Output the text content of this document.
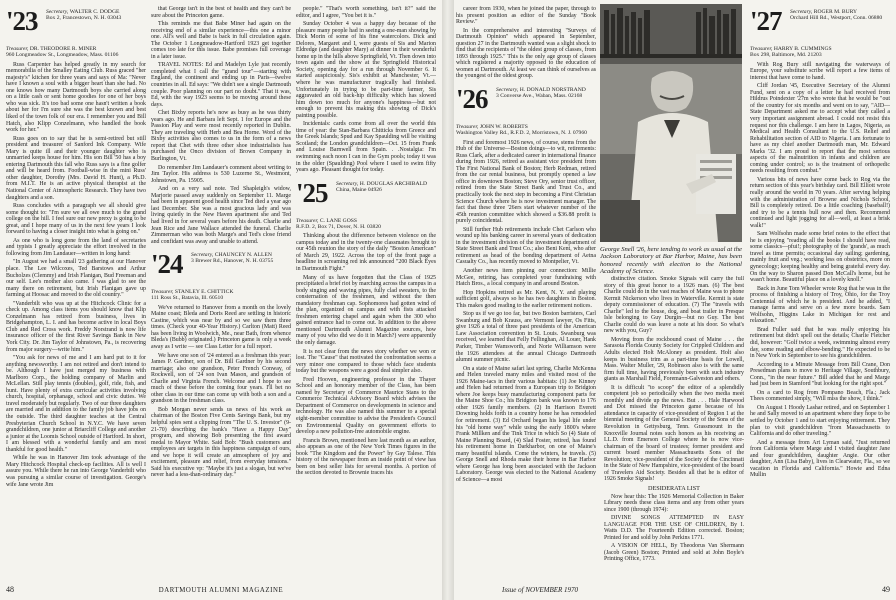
'23 Secretary, WALTER C. DODGE
Box 2, Francestown, N. H. 03043
Treasurer, DR. THEODORE R. MINER
960 Longmeadow St., Longmeadow, Mass. 01106

Russ Carpenter has helped greatly in my search for memorabilia of the Smalley Eating Club. Russ graced "her majesty's" kitchen for three years and says of Ma: "Never have I known a soul with a bigger heart than she had. No one knows how many Dartmouth boys she carried along on a little cash or sent home goodies for one of her boys who was sick. It's too bad some one hasn't written a book about her for I'm sure she was the best known and best liked of the town folk of our era. I remember you and Bill Hatch, also Klipp Conzelmann, who handled the book work for her."

Russ goes on to say that he is semi-retired but still president and treasurer of Sanford Ink Company. Wife Mary is quite ill and their younger daughter who is unmarried keeps house for him. His son Bill '50 has a boy entering Dartmouth this fall who Russ says is a fine golfer and will be heard from. Football-wise in the mini Russ' other daughter, Dorothy (Mrs. David H. Hunt), a Ph.D. from M.I.T. He is an active physical therapist at the National Center of Atmospheric Research. They have two daughters and a son.

Russ concludes with a paragraph we all should give some thought to: "I'm sure we all owe much to the grand college on the hill. I feel sure our new prexy is going to be great, and I hope many of us in the next few years I look forward to having a closer insight into what is going on."

As one who is long gone from the land of secretaries and typists I greatly appreciate the effort involved in the following from Jim Landauer—written in long hand:

"In August we had a small '23 gathering at our Hanover place. The Lee Wilcoxes, Ted Barstows and Arthur Bucholzes (Clemmy) and Irish Flanigan, Bud Freeman and our self. Lee's mother also came. I was glad to see the many there on retirement, but Irish Flanigan gave up farming at Hoosac and moved to the old country."

"Vanderbilt who was up at the Hitchcock Clinic for a check up. Among class items you should know that Klip Conzelmann has retired from business, lives in Bridgehampton, L. I. and has become active in local Boys Club and Red Cross work. Freddy Norstrand is now life insurance officer of the first River Savings Bank in New York City. Dr. Jim Taylor of Johnstown, Pa., is recovering from major surgery—write him."

"You ask for news of me and I am hard put to it for anything newsworthy. I am not retired and don't intend to be. Although I have just merged my business with Marlboro Corp., the holding company of Marlin and McLellan. Still play tennis (doubles), golf, ride, fish, and hunt. Have plenty of extra curricular activities involving church, hospital, orphanage, school and civic duties. We travel moderately but regularly. Two of our three daughters are married and in addition to the family job have jobs on the outside. The third daughter teaches at the Central Presbyterian Church School in N.Y.C. We have seven grandchildren, one junior at Briarcliff College and another a junior at the Loomis School outside of Hartford. In short, I am blessed with a wonderful family and am most thankful for good health."

While he was in Hanover Jim took advantage of the Mary Hitchcock Hospital check-up facilities. All is well I assure you. While there he ran into George Vanderbilt who was pursuing a similar course of investigation. George's wife Jane wrote Jim

that George isn't in the best of health and they can't be sure about the Princeton game.

This reminds me that Babe Miner had again on the receiving end of a similar experience—this one a minor one. All's well and Babe is back in full circulation again. The October 1 Longmeadow-Hartford 1923 get together comes too late for this issue. Babe promises full coverage in a later issue.

TRAVEL NOTES: Ed and Madelyn Lyle just recently completed what I call the "grand tour"—starting with England, the continent and ending up in Paris—twelve countries in all. Ed says: "We didn't see a single Dartmouth couple. Poor planning on our part no doubt." That it was, Ed, with the way 1923 seems to be moving around these days.

Chet Bixby reports he's now as busy as he was thirty years ago. He and Barbara left Sept. 1 for Europe and the Passion Play and were most recently reported in Dublin. They are traveling with Herb and Bea Horne. Word of the Bixby activities also comes to us in the form of a news report that Chet with three other shoe industrialists has purchased the Onco division of Brown Company in Burlington, Vt.

Do remember Jim Landauer's comment about writing to Jim Taylor. His address is 530 Luzerne St., Westmont, Johnstown, Pa. 15905.

And on a very sad note. Ted Shapleigh's widow, Marjorie passed away suddenly on September 11. Marge had been in apparent good health since Ted died a year ago last December. She was a most gracious lady and was living quietly in the New Haven apartment she and Ted had lived in for several years before his death. Charlie and Jean Rice and Jane Wallace attended the funeral. Charlie Zimmerman who was both Marge's and Ted's close friend and confidant was away and unable to attend.

'24 Secretary, CHAUNCEY N. ALLEN
3 Brewer Rd., Hanover, N. H. 03755
Treasurer, STANLEY E. CHITTICK
111 Ross St., Batavia, Ill. 60510

We've returned to Hanover from a month on the lovely Maine coast; Bleda and Doris Reed are settling in historic Castine, which was near by and so we saw them three times. (Check your 40-Year History.) Carlton (Matt) Reed has been living in Woolwich, Me., near Bath, from whence Bleda's (Bubb) originated.) Princeton game is only a week away as I write — see Class Letter for a full report.

We have one son of '24 entered as a freshman this year: James P. Gardner, son of Dr. Bill Gardner by his second marriage; also one grandson, Peter French Conway, of Rockwell, son of '24 son Ivan Mason, and grandson of Charlie and Virginia French. Welcome and I hope to see much of these before the coming four years. I'll bet no other class in our time can come up with both a son and a grandson in the freshman class.

Bob Morgan never sends us news of his work as chairman of the Boston Five Cents Savings Bank, but my helpful spies sent a clipping from "The U. S. Investor" (9-21-70) describing the bank's "Have a Happy Day" program, and showing Bob presenting the first award medal to Mayor White. Said Bob: "Bush customers and employees are targets in this happiness campaign of ours, and we hope it will create an atmosphere of joy and excitement, pleasure and relief, from everyday tensions." Said his executive vp: "Maybe it's just a slogan, but we've never had a less-than-ordinary day."

people." "That's worth something, isn't it?" said the editor, and I agree, "You bet it is."

Sunday October 4 was a happy day because of the pleasure many people had in seeing a one-man showing by Dick Morin of some of his fine watercolors. Dick and Delores, Margaret and I, were guests of Sis and Marion Eldredge (and daughter Mary) at dinner in their wonderful home up in the hills above Springfield, Vt. Then down into town again and the show at the Springfield Historical Society, opening day for a run through November 6. It started auspiciously. Sis's exhibit at Manchester, Vt.—where he was manufacturer tragically had finished. Unfortunately in trying to be part-time farmer, Sis aggravated an old back-hip difficulty which has slowed him down too much for anyone's happiness—but not enough to prevent his making this showing of Dick's painting possible.

Incidentals: cards come from all over the world this time of year: the Stan-Barbara Chitticks from Greece and the Greek Islands; Spud and Kay Spaulding will be visiting Scotland; the London grandchildren—Oct. 15 from Frank and Louise Barnwell from Spain. . .Nostalgia: I'm swimming each noon I can in the Gym pools; today it was in the older (Spaulding) Pool where I used to swim fifty years ago. Pleasant thought for today.

'25 Secretary, H. DOUGLAS ARCHIBALD
China, Maine 04926
Treasurer, C. LANE GOSS
R.F.D. 2, Box 71, Dover, N. H. 03820

Thinking about the difference between violence on the campus today and in the twenty-one classmates brought to our 45th reunion the story of the daily "Boston American" of March 29, 1922. Across the top of the front page a headline in screaming red ink announced "200 Black Eyes in Dartmouth Fight."

Many of us have forgotten that the Class of 1925 precipitated a brief riot by marching across the campus in a body singing and waving pipes, fully clad sweaters, to the consternation of the freshmen, and without the then mandatory freshman cap. Sophomores had gotten wind of the plan, organized on campus and with fists attacked freshmen entering chapel and again when the 300 who gained entrance had to come out. In addition to the above mentioned Dartmouth Alumni Magazine sources, how many of you who did we do it in March?) were apparently the only damage.

It is not clear from the news story whether we won or lost. The "Cause" that motivated the confrontation seems a very minor one compared to those which face students today but the weapons were a good deal simpler also.

Fred Hooven, engineering professor in the Thayer School and an honorary member of the Class, has been named by Secretary of Commerce Maurice Stans to the Commerce Technical Advisory Board which advises the Department of Commerce on developments in science and technology. He was also named this summer to a special eight-member committee to advise the President's Council on Environmental Quality on government efforts to develop a new pollution-free automobile engine.

Francis Brown, mentioned here last month as an author, also appears as one of the New York Times figures in the book "The Kingdom and the Power" by Gay Talese. This history of the newspaper from an inside point of view has been on best seller lists for several months. A portion of the section devoted to Brownie traces his

48	DARTMOUTH ALUMNI MAGAZINE

career from 1930, when he joined the paper, through to his present position as editor of the Sunday "Book Review."

In the comprehensive and interesting "Surveys of Dartmouth Opinion" which appeared in September, question 27 in the Dartmouth wanted was a slight shock to find that the recipients of "the oldest group of classes, from 1893 through 1925." This is the only age group of classes which registered a majority opposed to the education of women at Dartmouth. At least we can think of ourselves as the youngest of the oldest group.

'26 Secretary, H. DONALD NORSTRAND
3 Converse Ave., Waban, Mass. 02168
Treasurer, JOHN W. ROBERTS
Washington Valley Rd., R.F.D. 2, Morristown, N. J. 07960

First and foremost 1926 news, of course, stems from the Hub of the Universe—Boston doings—to wit, retirements: Russ Clark, after a dedicated career in international finance during from 1926, retired as assistant vice president from The First National Bank of Boston; Herb Redman, retired from the car rental business, but promptly opened a law office in downtown Boston; Steve Ory, senior trust officer, retired from the State Street Bank and Trust Co., and practically took the next step in becoming a First Christian Science Church where he is now investment manager. The fact that these three '26ers start whatever number of the 45th reunion committee which showed a $36.88 profit is purely coincidental.

Still further Hub retirements include Chet Carlson who wound up his banking career in several years of dedication in the investment division of the investment department of State Street Bank and Trust Co.; also Beni Kent, who after retirement as head of the bonding department of Aetna Casualty Co., has recently moved to Montpelier, Vt.

Another news item pinning our connection: Millie McGee, retiring, has completed your fundraising with Hatch Bros., a local company in and around Boston.

Hop Hopkins retired as Mr. Kent, N. Y. and playing sufficient golf, always so he has two daughters in Boston. This makes good reading to the earlier retirement notices.

Stop us if we go too far, but two Boston barristers, Carl Swanburg and Bob Krauss, are Vermont lawyer, Os Fitts, give 1926 a total of three past presidents of the American Law Association convention in St. Louis. Swanburg was received, we learned that Felly Fellinghan, Al Louer, Hank Parker, Timber Wamsworth, and Norie Williamson were the 1926 attendees at the annual Chicago Dartmouth alumni summer picnic.

On a state of Maine safari last spring, Charlie McKenna and Helen traveled many miles and visited most of the 1926 Maine-iacs in their various habitats: (1) Joe Kinney and Helen had returned from a European trip to Bridgton where Joe keeps busy manufacturing component parts for the Maine Shoe Co.; his Bridgton bank was known to 176 other 1926 family members. (2) In Harrison Everett Downing holds forth in a country home he has remodeled for retirement. (3) Ed Orchard began his legal life under his "old home way" while using the early 1800's where Frank Millken and the Tink Trice in which So (4) State of Maine Planning Board, (4) Slad Foster, retired, has found his retirement home in Darkharbor, on one of Maine's many beautiful islands. Come the winters, he travels. (5) George Snell and Rhoda make their home in Bar Harbor where George has long been associated with the Jackson Laboratory. George was elected to the National Academy of Science—a most

George Snell '26, here tending to work as usual at the Jackson Laboratory at Bar Harbor, Maine, has been honored recently with election to the National Academy of Science.

distinctive citation. Smoke Signals will carry the full story of this great honor to a 1926 man. (6) The best Charlie could do in the vast reaches of Maine was to phone Kermit Nickerson who lives in Waterville. Kermit is state deputy commissioner of education. (7) The "travels with Charlie" led to the house, dog, and boat trailer in Presque Isle belonging to Guy Durgin—but no Guy. The best Charlie could do was leave a note at his door. So what's new with you, Guy?

Moving from the rockbound coast of Maine . . . the Sarasota Florida County Society for Crippled Children and Adults elected Holt McAloney as president. Holt also keeps in business trim as a part-time basis for Lowell, Mass. Walter Muller, '29, Robinson also is with the same firm full time, having previously been with such industry giants as Marshall Field, Foremann-Galveston and others.

It is difficult "to scoop" the editor of a splendidly competent job so periodically when the two media meet monthly and divide up the news. But . . . Hale Harwood and Dot missed the Princeton game because of his attendance in capacity of vice-president of Region 1 at the biennial meeting of the General Society of the Sons of the Revolution in Gettysburg, Tenn. Grassmount in the Knoxville Journal notes such honors as his receiving an LL.D. from Emerson College where he is now vice-chairman of the board of trustees; former president and current board member Massachusetts Sons of the Revolution; vice-president of the Society of the Cincinnati in the State of New Hampshire, vice-president of the board of Travelers Aid Society. Besides all that he is editor of 1926 Smoke Signals!

DESIDERATA LIST

Now hear this: The 1926 Memorial Collection in Baker Library needs these class items and any from other years since 1900 (through 1974):

DIVINE SONGS ATTEMPTED IN EASY LANGUAGE FOR THE USE OF CHILDREN, By I. Watts D.D. The Fourteenth Edition corrected. Boston; Printed for and sold by John Perkins 1771.

A VISION OF HELL, By Theodorus Van Shermann (Jacob Green) Boston; Printed and sold at John Boyle's Printing Office, 1773.

'27 Secretary, ROGER M. BURY
Orchard Hill Rd., Westport, Conn. 06880
Treasurer, HARRY B. CUMMINGS
Box 298, Baltimore, Md. 21203

With Rog Bury still navigating the waterways of Europe, your substitute scribe will report a few items of interest that have come to hand.

Cliff Jordan '45, Executive Secretary of the Alumni Fund, sent on a copy of a letter he had received from Hildrus Poindexter '27m who wrote that he would be "out of the country for six months and went on to say, "AID—State Department asked me to accept what they called a very important assignment abroad. I could not resist this request nor this challenge. I am here in Lagos, Nigeria, as Medical and Health Consultant to the U.S. Relief and Rehabilitation section of AID to Nigeria. I am fortunate to have as my chief another Dartmouth man, Mr. Edward Marks '32. I am proud to report that the most serious aspects of the malnutrition in infants and children are coming under control; so is the treatment of orthopedic needs resulting from combat."

Various bits of news have come back to Rog via the return section of this year's birthday card. Bill Elliott wrote really around the world in 70 years. After serving helping with the administration of Browne and Nichols School, Bill is completely retired. Do a little coaching (baseball!) and try to be a tennis bull now and then. Recommend continued and light jogging for all—well, at least a brisk walk!"

Sam Wolfsohn made some brief notes to the effect that he is enjoying "reading all the books I should have read, some classics—pfui!; photography of the 'grands', as much travel as time permits; occasional day sailing; gardening, mainly fruit and veg.; working less on obstetrics, more on gynecology; keeping healthy and being grateful every day. On the way to Sharon passed Don McCall's home, but he wasn't home. Beautiful place on a lovely knoll."

Back in June Tom Wheeler wrote Rog that he was in the process of finishing a history of Troy, Ohio, for the Troy Centennial of which he is president. And he added, "I manage farms and serve on a few more boards. Sam Wolfsohn, Higgins Lake in Michigan for rest and relaxation."

Brad Fuller said that he was really enjoying his retirement but didn't spell out the details; Charlie Fletcher did, however: "Golf twice a week, swimming almost every day, some reading and elbow-bending." He expected to be in New York in September to see his grandchildren.

According to a Minute Message from Bill Crane, Don Presedman plans to move to Heritage Village, Southbury, Conn., "in the near future." Bill added that he and Marge had just been in Stamford "but looking for the right spot."

On a card to Rog from Pompano Beach, Fla.; Jack Thees commented simply, "Will miss the show, I think."

On August 1 Hoody Lashar retired, and on September 1 he and Sally moved to an apartment where they hope to be settled by October 1 and to start enjoying retirement. They plan to visit grandchildren "from Massachusetts to California and do other traveling."

And a message from Art Lyman said, "Just returned from California where Marge and I visited daughter Jane and four grandchildren, daughter Angie. Our other daughter, Ann (Lisa Baby), lives in Clearwater, Fla., so we vacation in Florida and California." Howie and Edna Mullin

Issue of NOVEMBER 1970	49
